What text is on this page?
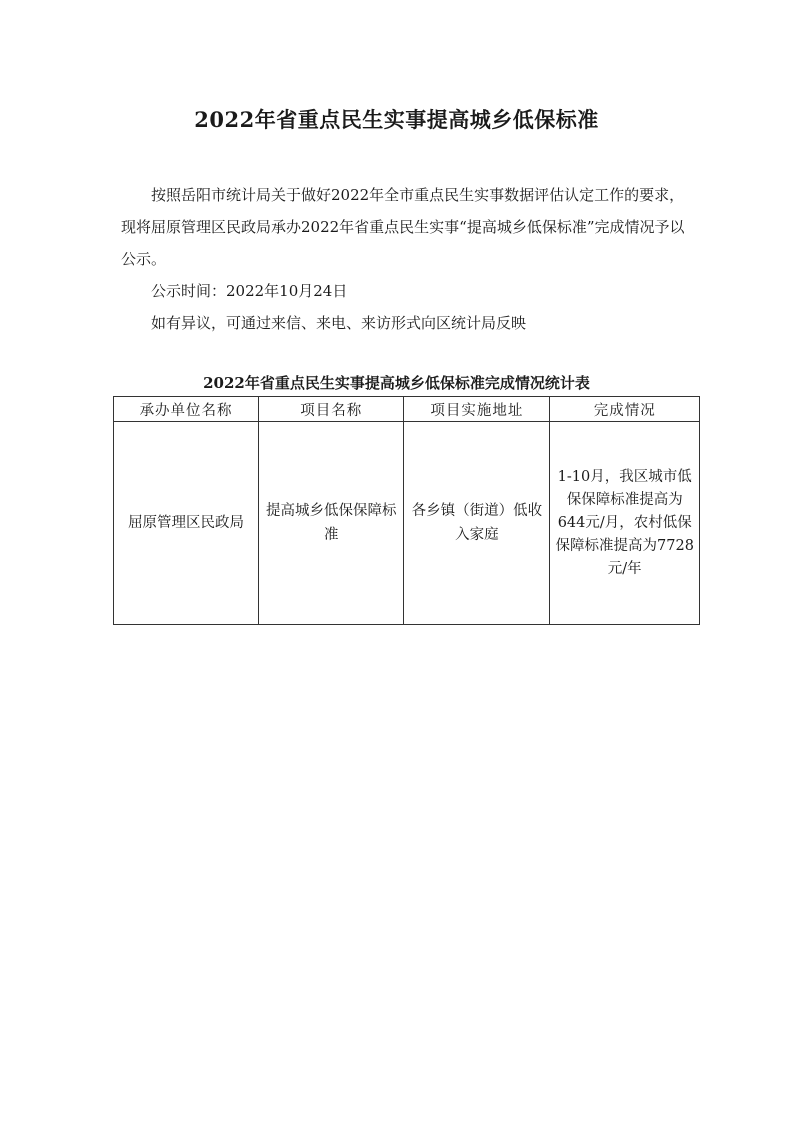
2022年省重点民生实事提高城乡低保标准

按照岳阳市统计局关于做好2022年全市重点民生实事数据评估认定工作的要求，现将屈原管理区民政局承办2022年省重点民生实事“提高城乡低保标准”完成情况予以公示。

公示时间：2022年10月24日

如有异议，可通过来信、来电、来访形式向区统计局反映

2022年省重点民生实事提高城乡低保标准完成情况统计表
承办单位名称	项目名称	项目实施地址	完成情况
屈原管理区民政局	提高城乡低保保障标准	各乡镇（街道）低收入家庭	1-10月，我区城市低保保障标准提高为644元/月，农村低保保障标准提高为7728元/年
